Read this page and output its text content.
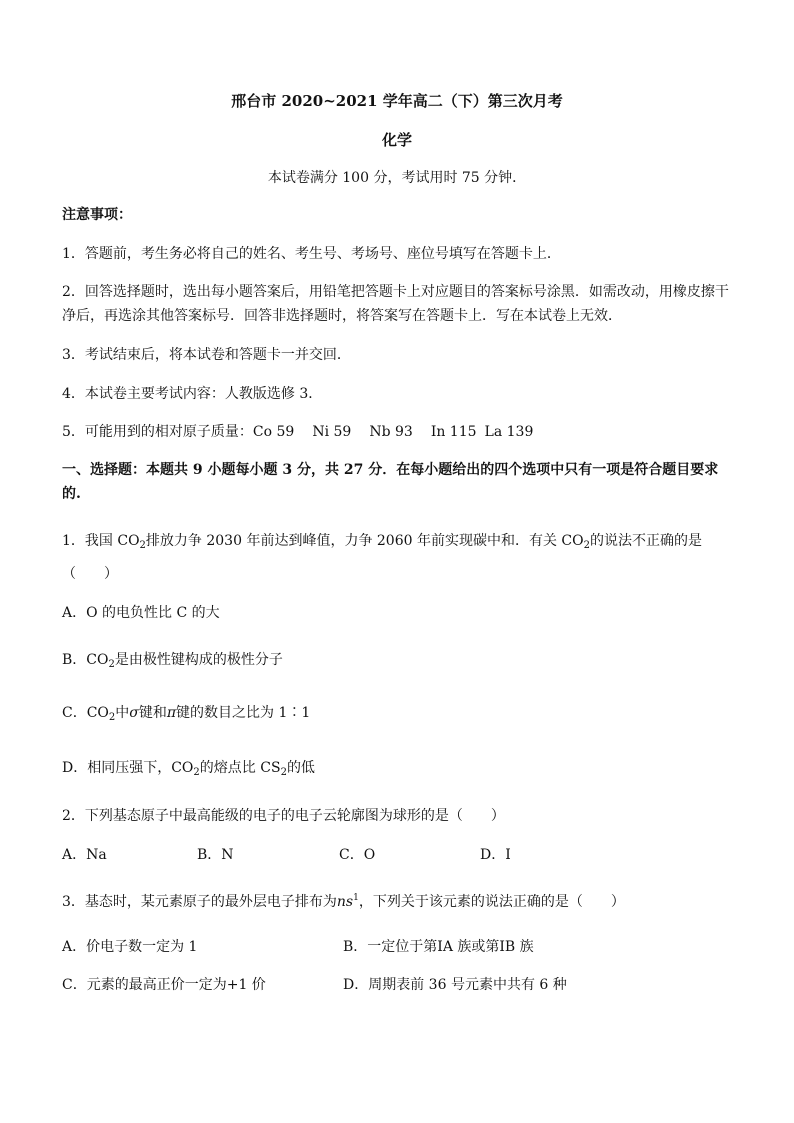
邢台市 2020~2021 学年高二（下）第三次月考
化学
本试卷满分 100 分，考试用时 75 分钟．
注意事项：
1．答题前，考生务必将自己的姓名、考生号、考场号、座位号填写在答题卡上．
2．回答选择题时，选出每小题答案后，用铅笔把答题卡上对应题目的答案标号涂黑．如需改动，用橡皮擦干
净后，再选涂其他答案标号．回答非选择题时，将答案写在答题卡上．写在本试卷上无效．
3．考试结束后，将本试卷和答题卡一并交回．
4．本试卷主要考试内容：人教版选修 3．
5．可能用到的相对原子质量：Co 59 Ni 59 Nb 93 In 115 La 139
一、选择题：本题共 9 小题每小题 3 分，共 27 分．在每小题给出的四个选项中只有一项是符合题目要求
的.
1．我国 $CO_2$排放力争 2030 年前达到峰值，力争 2060 年前实现碳中和．有关 $CO_2$的说法不正确的是
（　　）
A．O 的电负性比 C 的大
B．$CO_2$是由极性键构成的极性分子
C．$CO_2$中σ键和π键的数目之比为 1∶1
D．相同压强下，$CO_2$的熔点比 $CS_2$的低
2．下列基态原子中最高能级的电子的电子云轮廓图为球形的是（　　）
A．Na	B．N	C．O	D．I
3．基态时，某元素原子的最外层电子排布为$ns^1$，下列关于该元素的说法正确的是（　　）
A．价电子数一定为 1	B．一定位于第ⅠA 族或第ⅠB 族
C．元素的最高正价一定为+1 价	D．周期表前 36 号元素中共有 6 种
